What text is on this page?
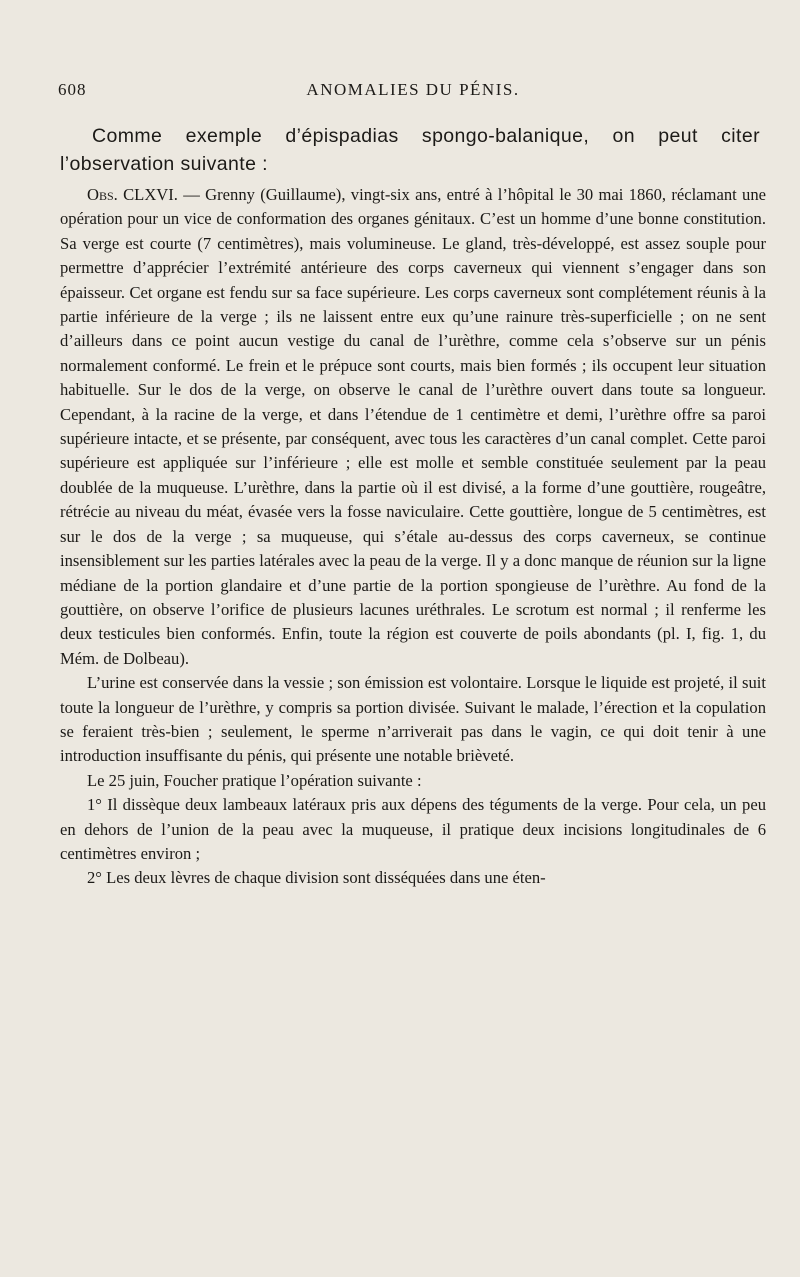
608	ANOMALIES DU PÉNIS.

Comme exemple d’épispadias spongo-balanique, on peut citer l’observation suivante :

Obs. CLXVI. — Grenny (Guillaume), vingt-six ans, entré à l’hôpital le 30 mai 1860, réclamant une opération pour un vice de conformation des organes génitaux. C’est un homme d’une bonne constitution. Sa verge est courte (7 centimètres), mais volumineuse. Le gland, très-développé, est assez souple pour permettre d’apprécier l’extrémité antérieure des corps caverneux qui viennent s’engager dans son épaisseur. Cet organe est fendu sur sa face supérieure. Les corps caverneux sont complétement réunis à la partie inférieure de la verge ; ils ne laissent entre eux qu’une rainure très-superficielle ; on ne sent d’ailleurs dans ce point aucun vestige du canal de l’urèthre, comme cela s’observe sur un pénis normalement conformé. Le frein et le prépuce sont courts, mais bien formés ; ils occupent leur situation habituelle. Sur le dos de la verge, on observe le canal de l’urèthre ouvert dans toute sa longueur. Cependant, à la racine de la verge, et dans l’étendue de 1 centimètre et demi, l’urèthre offre sa paroi supérieure intacte, et se présente, par conséquent, avec tous les caractères d’un canal complet. Cette paroi supérieure est appliquée sur l’inférieure ; elle est molle et semble constituée seulement par la peau doublée de la muqueuse. L’urèthre, dans la partie où il est divisé, a la forme d’une gouttière, rougeâtre, rétrécie au niveau du méat, évasée vers la fosse naviculaire. Cette gouttière, longue de 5 centimètres, est sur le dos de la verge ; sa muqueuse, qui s’étale au-dessus des corps caverneux, se continue insensiblement sur les parties latérales avec la peau de la verge. Il y a donc manque de réunion sur la ligne médiane de la portion glandaire et d’une partie de la portion spongieuse de l’urèthre. Au fond de la gouttière, on observe l’orifice de plusieurs lacunes uréthrales. Le scrotum est normal ; il renferme les deux testicules bien conformés. Enfin, toute la région est couverte de poils abondants (pl. I, fig. 1, du Mém. de Dolbeau).

L’urine est conservée dans la vessie ; son émission est volontaire. Lorsque le liquide est projeté, il suit toute la longueur de l’urèthre, y compris sa portion divisée. Suivant le malade, l’érection et la copulation se feraient très-bien ; seulement, le sperme n’arriverait pas dans le vagin, ce qui doit tenir à une introduction insuffisante du pénis, qui présente une notable brièveté.

Le 25 juin, Foucher pratique l’opération suivante :

1° Il dissèque deux lambeaux latéraux pris aux dépens des téguments de la verge. Pour cela, un peu en dehors de l’union de la peau avec la muqueuse, il pratique deux incisions longitudinales de 6 centimètres environ ;

2° Les deux lèvres de chaque division sont disséquées dans une éten-
